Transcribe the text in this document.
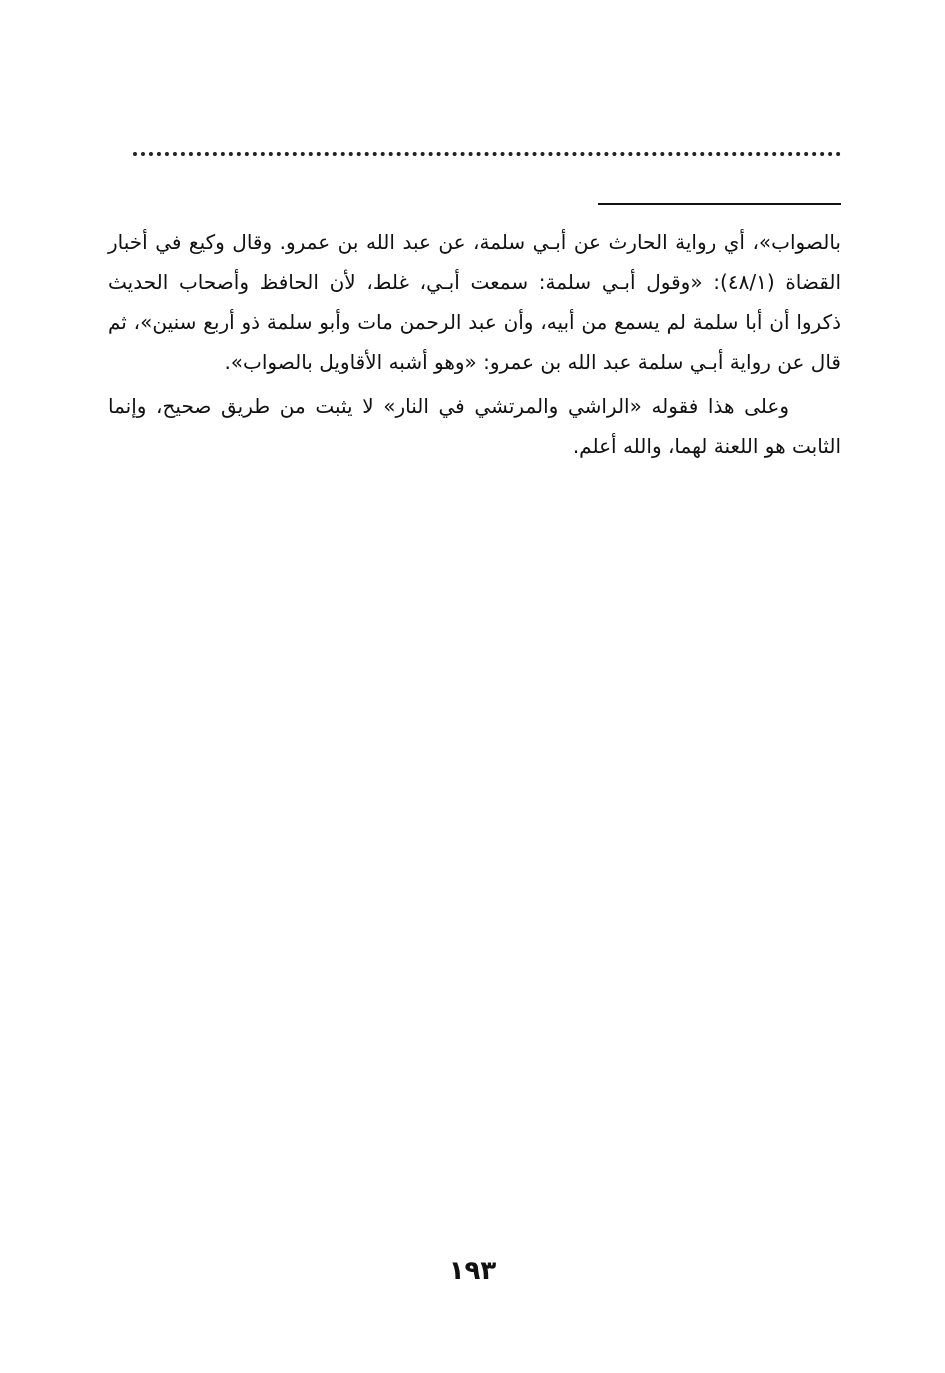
بالصواب»، أي رواية الحارث عن أبـي سلمة، عن عبد الله بن عمرو. وقال وكيع في أخبار القضاة (٤٨/١): «وقول أبـي سلمة: سمعت أبـي، غلط، لأن الحافظ وأصحاب الحديث ذكروا أن أبا سلمة لم يسمع من أبيه، وأن عبد الرحمن مات وأبو سلمة ذو أربع سنين»، ثم قال عن رواية أبـي سلمة عبد الله بن عمرو: «وهو أشبه الأقاويل بالصواب».

وعلى هذا فقوله «الراشي والمرتشي في النار» لا يثبت من طريق صحيح، وإنما الثابت هو اللعنة لهما، والله أعلم.

١٩٣
